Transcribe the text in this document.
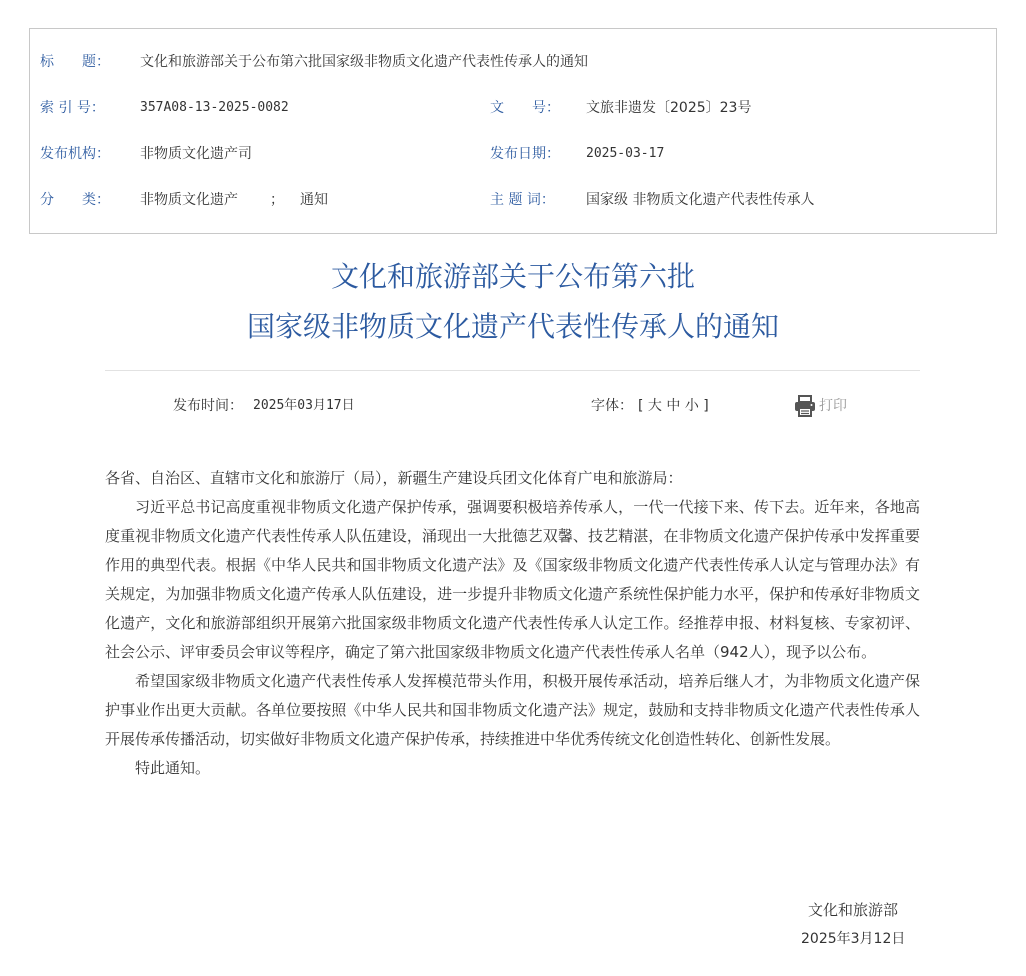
标　　题： 文化和旅游部关于公布第六批国家级非物质文化遗产代表性传承人的通知
索 引 号：	357A08-13-2025-0082	文　　号： 文旅非遗发〔2025〕23号
发布机构： 非物质文化遗产司	发布日期： 2025-03-17
分　　类： 非物质文化遗产 ； 通知	主 题 词： 国家级 非物质文化遗产代表性传承人
文化和旅游部关于公布第六批
国家级非物质文化遗产代表性传承人的通知
发布时间： 2025年03月17日	字体： [ 大 中 小 ]	打印

各省、自治区、直辖市文化和旅游厅（局），新疆生产建设兵团文化体育广电和旅游局：

习近平总书记高度重视非物质文化遗产保护传承，强调要积极培养传承人，一代一代接下来、传下去。近年来，各地高度重视非物质文化遗产代表性传承人队伍建设，涌现出一大批德艺双馨、技艺精湛，在非物质文化遗产保护传承中发挥重要作用的典型代表。根据《中华人民共和国非物质文化遗产法》及《国家级非物质文化遗产代表性传承人认定与管理办法》有关规定，为加强非物质文化遗产传承人队伍建设，进一步提升非物质文化遗产系统性保护能力水平，保护和传承好非物质文化遗产，文化和旅游部组织开展第六批国家级非物质文化遗产代表性传承人认定工作。经推荐申报、材料复核、专家初评、社会公示、评审委员会审议等程序，确定了第六批国家级非物质文化遗产代表性传承人名单（942人），现予以公布。

希望国家级非物质文化遗产代表性传承人发挥模范带头作用，积极开展传承活动，培养后继人才，为非物质文化遗产保护事业作出更大贡献。各单位要按照《中华人民共和国非物质文化遗产法》规定，鼓励和支持非物质文化遗产代表性传承人开展传承传播活动，切实做好非物质文化遗产保护传承，持续推进中华优秀传统文化创造性转化、创新性发展。

特此通知。

文化和旅游部
2025年3月12日
